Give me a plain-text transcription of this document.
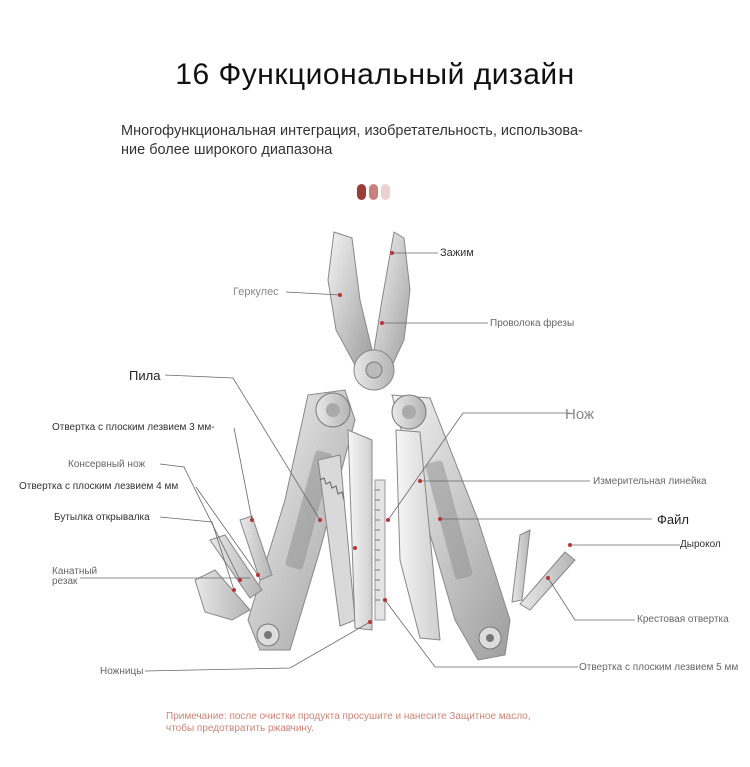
16 Функциональный дизайн
Многофункциональная интеграция, изобретательность, использова-
ние более широкого диапазона
Зажим
Геркулес
Проволока фрезы
Пила
Нож
Отвертка с плоским лезвием 3 мм-
Консервный нож
Отвертка с плоским лезвием 4 мм
Бутылка открывалка
Канатный
резак
Измерительная линейка
Файл
Дырокол
Крестовая отвертка
Ножницы	Отвертка с плоским лезвием 5 мм
Примечание: после очистки продукта просушите и нанесите Защитное масло,
чтобы предотвратить ржавчину.
